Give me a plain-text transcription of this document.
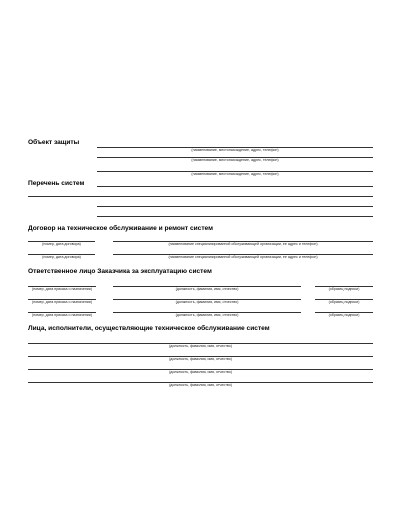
Объект защиты
(наименование, местонахождение, адрес, телефон)
(наименование, местонахождение, адрес, телефон)
(наименование, местонахождение, адрес, телефон)
Перечень систем
Договор на техническое обслуживание и ремонт систем
(номер, дата договора)	(наименование специализированной обслуживающей организации, ее адрес и телефон)
(номер, дата договора)	(наименование специализированной обслуживающей организации, ее адрес и телефон)
Ответственное лицо Заказчика за эксплуатацию систем
(номер, дата приказа о назначении)	(должность, фамилия, имя, отчество)	(образец подписи)
(номер, дата приказа о назначении)	(должность, фамилия, имя, отчество)	(образец подписи)
(номер, дата приказа о назначении)	(должность, фамилия, имя, отчество)	(образец подписи)
Лица, исполнители, осуществляющие техническое обслуживание систем
(должность, фамилия, имя, отчество)
(должность, фамилия, имя, отчество)
(должность, фамилия, имя, отчество)
(должность, фамилия, имя, отчество)
